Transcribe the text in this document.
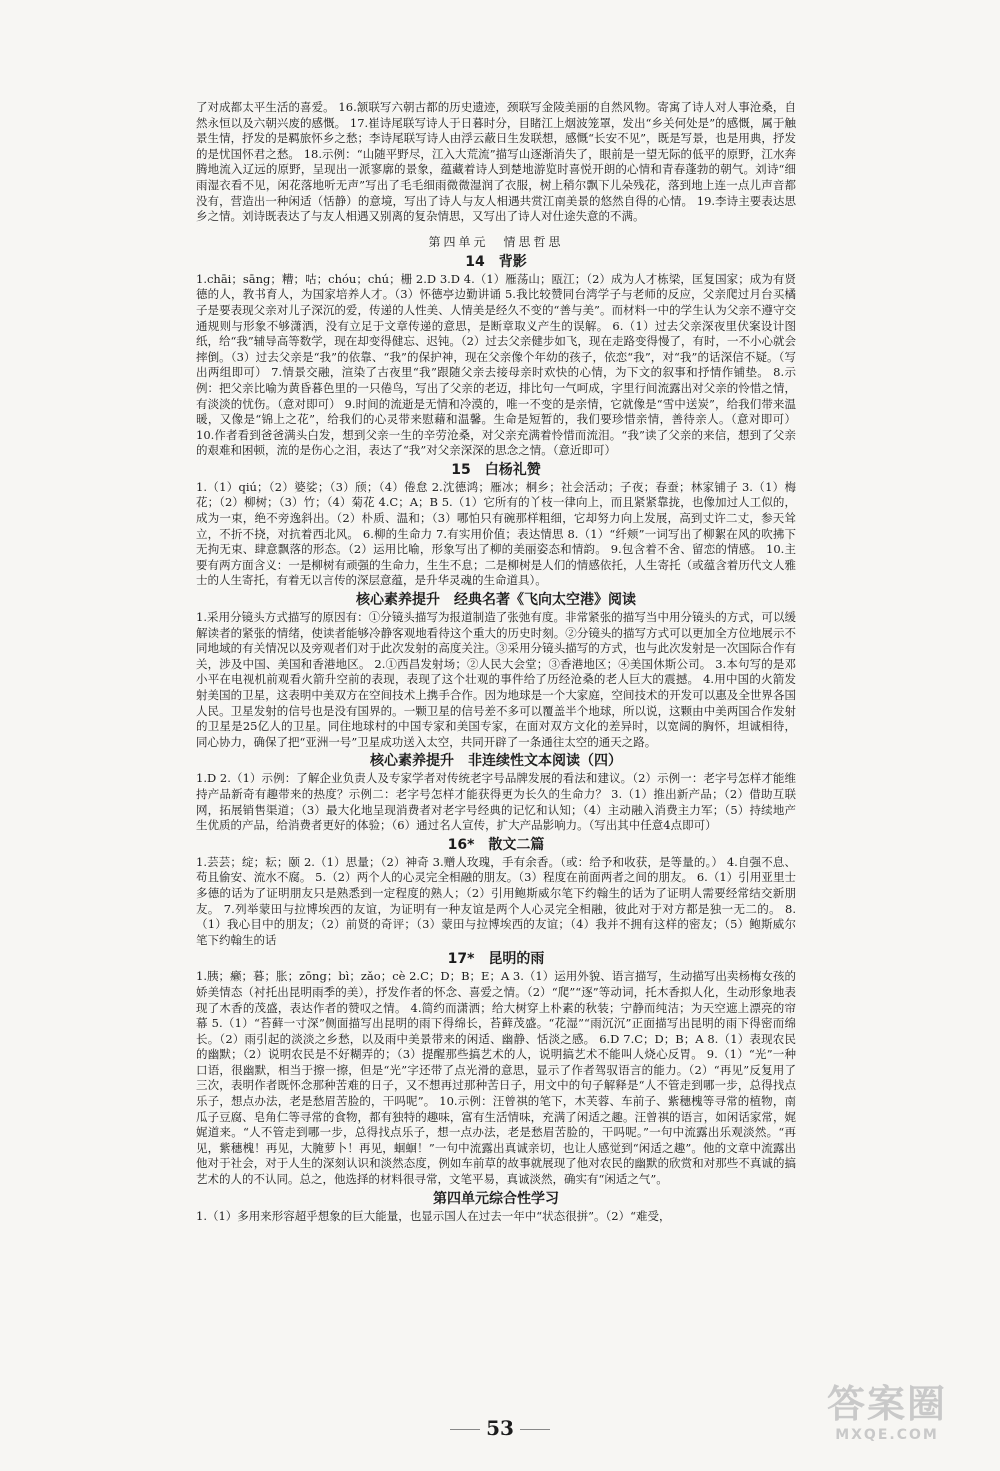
了对成都太平生活的喜爱。 16.颔联写六朝古都的历史遗迹，颈联写金陵美丽的自然风物。寄寓了诗人对人事沧桑，自然永恒以及六朝兴废的感慨。 17.崔诗尾联写诗人于日暮时分，目睹江上烟波笼罩，发出“乡关何处是”的感慨，属于触景生情，抒发的是羁旅怀乡之愁；李诗尾联写诗人由浮云蔽日生发联想，感慨“长安不见”，既是写景，也是用典，抒发的是忧国怀君之愁。 18.示例：“山随平野尽，江入大荒流”描写山逐渐消失了，眼前是一望无际的低平的原野，江水奔腾地流入辽远的原野，呈现出一派寥廓的景象，蕴藏着诗人到楚地游览时喜悦开朗的心情和青春蓬勃的朝气。刘诗“细雨湿衣看不见，闲花落地听无声”写出了毛毛细雨微微湿润了衣服，树上稍尔飘下儿朵残花，落到地上连一点儿声音都没有，营造出一种闲适（恬静）的意境，写出了诗人与友人相遇共赏江南美景的悠然自得的心情。 19.李诗主要表达思乡之情。刘诗既表达了与友人相遇又别离的复杂情思，又写出了诗人对仕途失意的不满。

第四单元　情思哲思
14 背影

1.chāi；sāng；糟；咕；chóu；chú；栅 2.D 3.D 4.（1）雁荡山；瓯江；（2）成为人才栋梁，匡复国家；成为有贤德的人，教书育人，为国家培养人才。（3）怀德亭边勤讲诵 5.我比较赞同台湾学子与老师的反应，父亲爬过月台买橘子是要表现父亲对儿子深沉的爱，传递的人性美、人情美是经久不变的“善与美”。而材料一中的学生认为父亲不遵守交通规则与形象不够潇洒，没有立足于文章传递的意思，是断章取义产生的误解。 6.（1）过去父亲深夜里伏案设计图纸，给“我”辅导高等数学，现在却变得健忘、迟钝。（2）过去父亲健步如飞，现在走路变得慢了，有时，一不小心就会摔倒。（3）过去父亲是“我”的依靠、“我”的保护神，现在父亲像个年幼的孩子，依恋“我”，对“我”的话深信不疑。（写出两组即可） 7.情景交融，渲染了古夜里“我”跟随父亲去接母亲时欢快的心情，为下文的叙事和抒情作铺垫。 8.示例：把父亲比喻为黄昏暮色里的一只倦鸟，写出了父亲的老迈，排比句一气呵成，字里行间流露出对父亲的怜惜之情，有淡淡的忧伤。（意对即可） 9.时间的流逝是无情和冷漠的，唯一不变的是亲情，它就像是“雪中送炭”，给我们带来温暖，又像是“锦上之花”，给我们的心灵带来慰藉和温馨。生命是短暂的，我们要珍惜亲情，善待亲人。（意对即可） 10.作者看到爸爸满头白发，想到父亲一生的辛劳沧桑，对父亲充满着怜惜而流泪。“我”读了父亲的来信，想到了父亲的艰难和困顿，流的是伤心之泪，表达了“我”对父亲深深的思念之情。（意近即可）

15 白杨礼赞

1.（1）qiú；（2）婆娑；（3）颀；（4）倦怠 2.沈德鸿；雁冰；桐乡；社会活动；子夜；春蚕；林家铺子 3.（1）梅花；（2）柳树；（3）竹；（4）菊花 4.C；A；B 5.（1）它所有的丫枝一律向上，而且紧紧靠拢，也像加过人工似的，成为一束，绝不旁逸斜出。（2）朴质、温和；（3）哪怕只有碗那样粗细，它却努力向上发展，高到丈许二丈，参天耸立，不折不挠，对抗着西北风。 6.柳的生命力 7.有实用价值；表达情思 8.（1）“纤颊”一词写出了柳絮在风的吹拂下无拘无束、肆意飘落的形态。（2）运用比喻，形象写出了柳的美丽姿态和情韵。 9.包含着不舍、留恋的情感。 10.主要有两方面含义：一是柳树有顽强的生命力，生生不息；二是柳树是人们的情感依托，人生寄托（或蕴含着历代文人雅士的人生寄托，有着无以言传的深层意蕴，是升华灵魂的生命道具）。

核心素养提升　经典名著《飞向太空港》阅读

1.采用分镜头方式描写的原因有：①分镜头描写为报道制造了张弛有度。非常紧张的描写当中用分镜头的方式，可以缓解读者的紧张的情绪，使读者能够冷静客观地看待这个重大的历史时刻。②分镜头的描写方式可以更加全方位地展示不同地域的有关情况以及旁观者们对于此次发射的高度关注。③采用分镜头描写的方式，也与此次发射是一次国际合作有关，涉及中国、美国和香港地区。 2.①西昌发射场；②人民大会堂；③香港地区；④美国休斯公司。 3.本句写的是邓小平在电视机前观看火箭升空前的表现，表现了这个壮观的事件给了历经沧桑的老人巨大的震撼。 4.用中国的火箭发射美国的卫星，这表明中美双方在空间技术上携手合作。因为地球是一个大家庭，空间技术的开发可以惠及全世界各国人民。卫星发射的信号也是没有国界的。一颗卫星的信号差不多可以覆盖半个地球，所以说，这颗由中美两国合作发射的卫星是25亿人的卫星。同住地球村的中国专家和美国专家，在面对双方文化的差异时，以宽阔的胸怀，坦诚相待，同心协力，确保了把“亚洲一号”卫星成功送入太空，共同开辟了一条通往太空的通天之路。

核心素养提升　非连续性文本阅读（四）

1.D 2.（1）示例：了解企业负责人及专家学者对传统老字号品牌发展的看法和建议。（2）示例一：老字号怎样才能维持产品新奇有趣带来的热度？示例二：老字号怎样才能获得更为长久的生命力？ 3.（1）推出新产品；（2）借助互联网，拓展销售渠道；（3）最大化地呈现消费者对老字号经典的记忆和认知；（4）主动融入消费主力军；（5）持续地产生优质的产品，给消费者更好的体验；（6）通过名人宣传，扩大产品影响力。（写出其中任意4点即可）

16* 散文二篇

1.芸芸；绽；耘；颐 2.（1）思量；（2）神奇 3.赠人玫瑰，手有余香。（或：给予和收获，是等量的。） 4.自强不息、苟且偷安、流水不腐。 5.（2）两个人的心灵完全相融的朋友。（3）程度在前面两者之间的朋友。 6.（1）引用亚里士多德的话为了证明朋友只是熟悉到一定程度的熟人；（2）引用鲍斯威尔笔下约翰生的话为了证明人需要经常结交新朋友。 7.列举蒙田与拉博埃西的友谊，为证明有一种友谊是两个人心灵完全相融，彼此对于对方都是独一无二的。 8.（1）我心目中的朋友；（2）前贤的奇评；（3）蒙田与拉博埃西的友谊；（4）我并不拥有这样的密友；（5）鲍斯威尔笔下约翰生的话

17* 昆明的雨

1.胰；癞；暮；胀；zōng；bì；zǎo；cè 2.C；D；B；E；A 3.（1）运用外貌、语言描写，生动描写出卖杨梅女孩的娇美情态（衬托出昆明雨季的美），抒发作者的怀念、喜爱之情。（2）“爬”“逐”等动词，托木香拟人化，生动形象地表现了木香的茂盛，表达作者的赞叹之情。 4.简约而潇洒；给大树穿上朴素的秋装；宁静而纯洁；为天空遮上漂亮的帘幕 5.（1）“苔藓一寸深”侧面描写出昆明的雨下得绵长，苔藓茂盛。“花湿”“雨沉沉”正面描写出昆明的雨下得密而绵长。（2）雨引起的淡淡之乡愁，以及雨中美景带来的闲适、幽静、恬淡之感。 6.D 7.C；D；B；A 8.（1）表现农民的幽默；（2）说明农民是不好糊弄的；（3）提醒那些搞艺术的人，说明搞艺术不能叫人烧心反胃。 9.（1）“光”一种口语，很幽默，相当于擦一擦，但是“光”字还带了点光滑的意思，显示了作者驾驭语言的能力。（2）“再见”反复用了三次，表明作者既怀念那种苦难的日子，又不想再过那种苦日子，用文中的句子解释是“人不管走到哪一步，总得找点乐子，想点办法，老是愁眉苦脸的，干吗呢”。 10.示例：汪曾祺的笔下，木芙蓉、车前子、紫穗槐等寻常的植物，南瓜子豆腐、皂角仁等寻常的食物，都有独特的趣味，富有生活情味，充满了闲适之趣。汪曾祺的语言，如闲话家常，娓娓道来。“人不管走到哪一步，总得找点乐子，想一点办法，老是愁眉苦脸的，干吗呢。”一句中流露出乐观淡然。“再见，紫穗槐！再见，大腌萝卜！再见，蛔蛔！”一句中流露出真诚亲切，也让人感觉到“闲适之趣”。他的文章中流露出他对于社会，对于人生的深刻认识和淡然态度，例如车前草的故事就展现了他对农民的幽默的欣赏和对那些不真诚的搞艺术的人的不认同。总之，他选择的材料很寻常，文笔平易，真诚淡然，确实有“闲适之气”。

第四单元综合性学习

1.（1）多用来形容超乎想象的巨大能量，也显示国人在过去一年中“状态很拼”。（2）“难受，

53
答案圈
MXQE.COM
